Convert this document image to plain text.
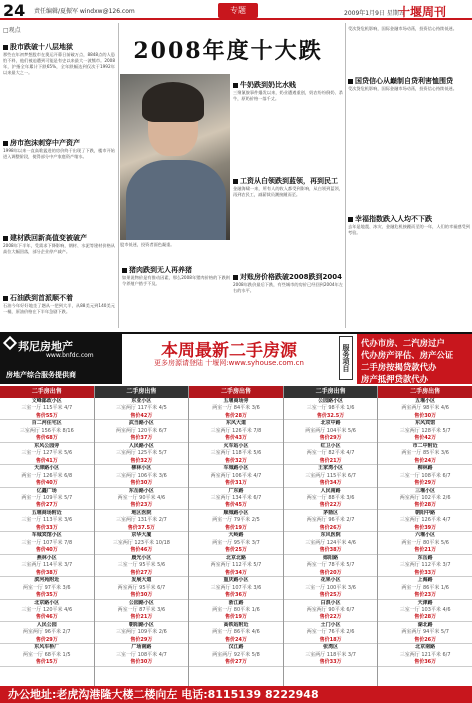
24 责任编辑/夏振军 windxw@126.com	专题	2009年1月9日 星期五
十堰周刊
□观点
2008年度十大跌
股市跌破十八层地狱
那些在年初梦想股市在奥运开幕日前破万点，8848点的人恐怕不料，他们被迫遭到可能是有史以来最大一波熊市。2008年，沪指全年累计下跌65%，全年跌幅达到仅次于1992年以来最大之一。
房市泡沫刺穿中产资产
1998年以来一直高歌猛进的房价终于出现了下跌，楼市开始进入调整阶段，使得部分中产家庭资产缩水。
建材跌回新高值变被破产
2008年下半年，受需求下降影响，钢材、水泥等建材价格从高位大幅回落，部分企业停产减产。
石油跌到首派顺不着
石油今年好好地坐了趟从一把到大半，从88美元到140美元一桶，原油价格在下半年急剧下跌。
股市低迷，投资者面色凝重。
牛奶跌到奶比水贱
三聚氰胺事件爆发以来，奶业遭遇重创，奶农纷纷倒奶、杀牛，原奶价格一落千丈。
猪肉跌到无人再养猪
如果说物价是有推动因素，那么2008年猪肉价格的下跌则令养殖户措手不及。
工资从白领跌到蓝领，再到民工
金融海啸一来，所有人的收入都受到影响，从白领到蓝领，再到农民工，减薪裁员潮接踵而至。
对账房价格跌破2008跌到2004
2008年跌价最后下跌，有些城市的房价已经回到2004年左右的水平。
受次贷危机影响，国际金融市场动荡，投资信心持续低迷。
国贷信心从巅制自贷利害恤围贷
受次贷危机影响，国际金融市场动荡，投资信心持续低迷。
幸福指数跌入人均不下跌
去年是地震、冰灾、金融危机接踵而至的一年，人们的幸福感受到考验。
邦尼房地产
www.bnfdc.com
房地产综合服务提供商
本周最新二手房源
更多房源请登陆 十堰网:www.syhouse.com.cn	服务项目
代办市房、二汽房过户
代办房产评估、房产公证
二手房按揭贷款代办
房产抵押贷款代办
二手房出售
文峰邮政小区
三室一厅 115平米 4/7
售价55万
百二河住宅区
三室两厅 156平米 8/16
售价68万
东风公园旁
三室一厅 127平米 5/6
售价41万
天津路小区
两室一厅 126平米 6/8
售价40万
亿鑫广场
两室一厅 109平米 5/7
售价27万
五堰商场附近
三室一厅 113平米 3/6
售价33万
车城宾馆小区
三室一厅 107平米 7/8
售价40万
燕林小区
三室两厅 114平米 3/7
售价38万
滨河苑附近
两室一厅 97平米 3/6
售价35万
北京路小区
三室一厅 120平米 4/6
售价46万
人民公园
两室两厅 96平米 2/7
售价29万
东风车桥厂
两室一厅 68平米 1/5
售价15万
二手房出售
东亚小区
三室两厅 117平米 4/5
售价42万
武当路小区
两室两厅 120平米 6/7
售价37万
人民路小区
三室两厅 125平米 5/7
售价32万
柳林小区
三室两厅 106平米 3/6
售价30万
东岳路小区
两室一厅 90平米 4/6
售价23万
地区医院
三室两厅 131平米 2/7
售价37.5万
京华大厦
三室两厅 123平米 10/18
售价46万
晨光小区
三室一厅 95平米 5/6
售价27万
发展大道
两室两厅 95平米 6/7
售价30万
公园路小区
两室一厅 87平米 3/6
售价21万
朝阳路小区
三室两厅 109平米 2/6
售价29万
广场南路
三室一厅 108平米 4/7
售价30万
二手房出售
五堰商场旁
两室一厅 84平米 3/6
售价28万
东风大道
三室两厅 126平米 7/8
售价43万
火车站小区
三室两厅 118平米 5/6
售价32万
车城路小区
两室两厅 106平米 4/7
售价31万
广东路
三室两厅 134平米 6/7
售价45万
顺城路小区
两室一厅 79平米 2/5
售价19万
大岭路
两室一厅 95平米 3/7
售价25万
北京北路
两室两厅 112平米 5/7
售价34万
重庆路小区
三室两厅 107平米 3/6
售价36万
浙江路
两室一厅 80平米 1/6
售价19万
高铁站附近
两室一厅 86平米 4/6
售价24万
汉江路
两室两厅 92平米 5/8
售价27万
二手房出售
公园路小区
三室一厅 98平米 1/6
售价32.5万
北京中路
两室两厅 104平米 5/6
售价29万
红卫小区
两室一厅 82平米 4/7
售价21万
王家湾小区
三室两厅 115平米 6/7
售价34万
人民南路
两室一厅 88平米 3/6
售价22万
茅箭区
两室两厅 96平米 2/7
售价26万
东风医院
三室两厅 124平米 4/6
售价38万
郧阳路
两室一厅 78平米 5/7
售价20万
花果小区
三室一厅 100平米 3/6
售价25万
白浪小区
两室两厅 90平米 6/7
售价22万
土门小区
两室一厅 76平米 2/6
售价18万
张湾区
三室两厅 118平米 3/7
售价33万
二手房出售
五堰小区
两室两厅 98平米 4/6
售价30万
东风宾馆
三室两厅 128平米 5/7
售价42万
市二中附近
两室一厅 85平米 3/6
售价24万
柳林路
三室一厅 108平米 6/7
售价29万
三堰小区
两室两厅 102平米 2/6
售价28万
朝阳中路
三室两厅 126平米 4/7
售价39万
六堰小区
两室一厅 80平米 5/6
售价21万
东岳路
三室两厅 112平米 3/7
售价33万
上海路
两室一厅 86平米 1/6
售价23万
天津路
三室一厅 103平米 4/6
售价28万
湖北路
两室两厅 94平米 5/7
售价26万
北京南路
三室两厅 121平米 6/7
售价36万
办公地址:老虎沟港隆大楼二楼向左 电话:8115139 8222948
